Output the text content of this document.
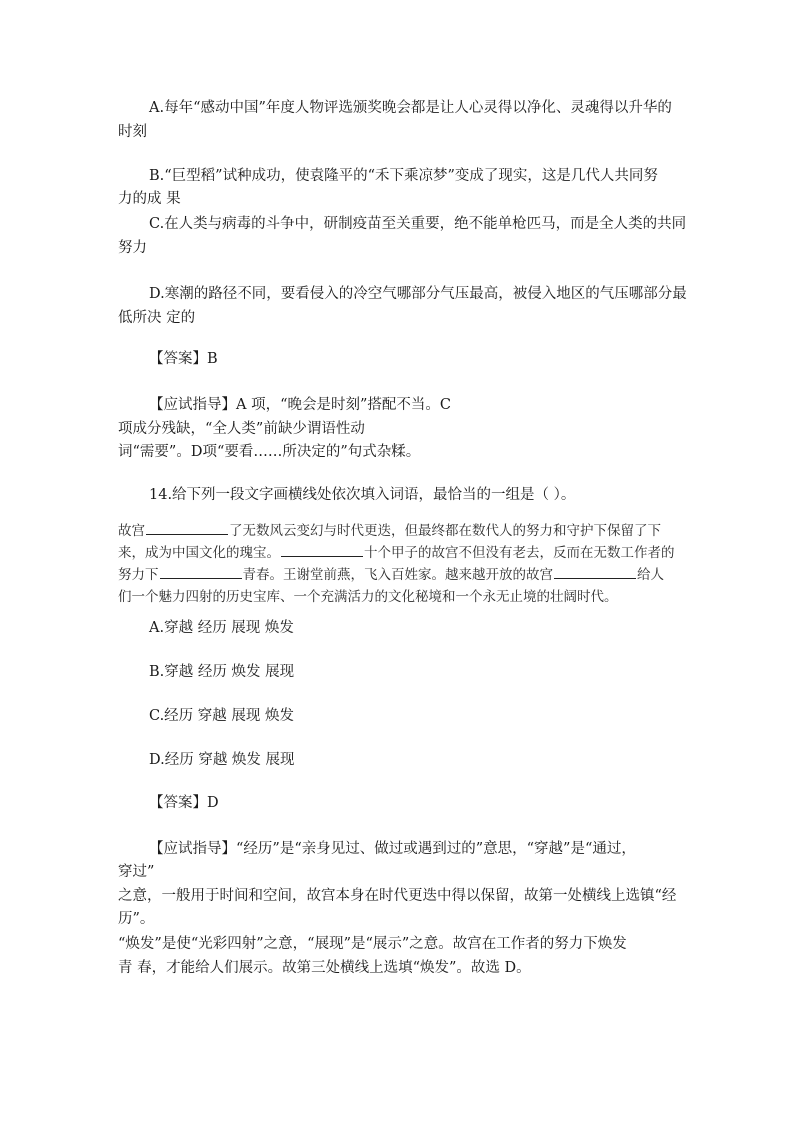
A.每年“感动中国”年度人物评选颁奖晚会都是让人心灵得以净化、灵魂得以升华的
时刻
B.“巨型稻”试种成功，使袁隆平的“禾下乘凉梦”变成了现实，这是几代人共同努
力的成 果
C.在人类与病毒的斗争中，研制疫苗至关重要，绝不能单枪匹马，而是全人类的共同
努力
D.寒潮的路径不同，要看侵入的冷空气哪部分气压最高，被侵入地区的气压哪部分最
低所决 定的
【答案】B
【应试指导】A 项，“晚会是时刻”搭配不当。C
项成分残缺，“全人类”前缺少谓语性动
词“需要”。D项“要看……所决定的”句式杂糅。
14.给下列一段文字画横线处依次填入词语，最恰当的一组是（ ）。
故宫	了无数风云变幻与时代更迭，但最终都在数代人的努力和守护下保留了下
来，成为中国文化的瑰宝。	十个甲子的故宫不但没有老去，反而在无数工作者的
努力下	青春。王谢堂前燕，飞入百姓家。越来越开放的故宫	给人
们一个魅力四射的历史宝库、一个充满活力的文化秘境和一个永无止境的壮阔时代。
A.穿越 经历 展现 焕发
B.穿越 经历 焕发 展现
C.经历 穿越 展现 焕发
D.经历 穿越 焕发 展现
【答案】D
【应试指导】“经历”是“亲身见过、做过或遇到过的”意思，“穿越”是“通过，
穿过”
之意，一般用于时间和空间，故宫本身在时代更迭中得以保留，故第一处横线上选镇“经
历”。
“焕发”是使“光彩四射”之意，“展现”是“展示”之意。故宫在工作者的努力下焕发
青 春，才能给人们展示。故第三处横线上选填“焕发”。故选 D。
